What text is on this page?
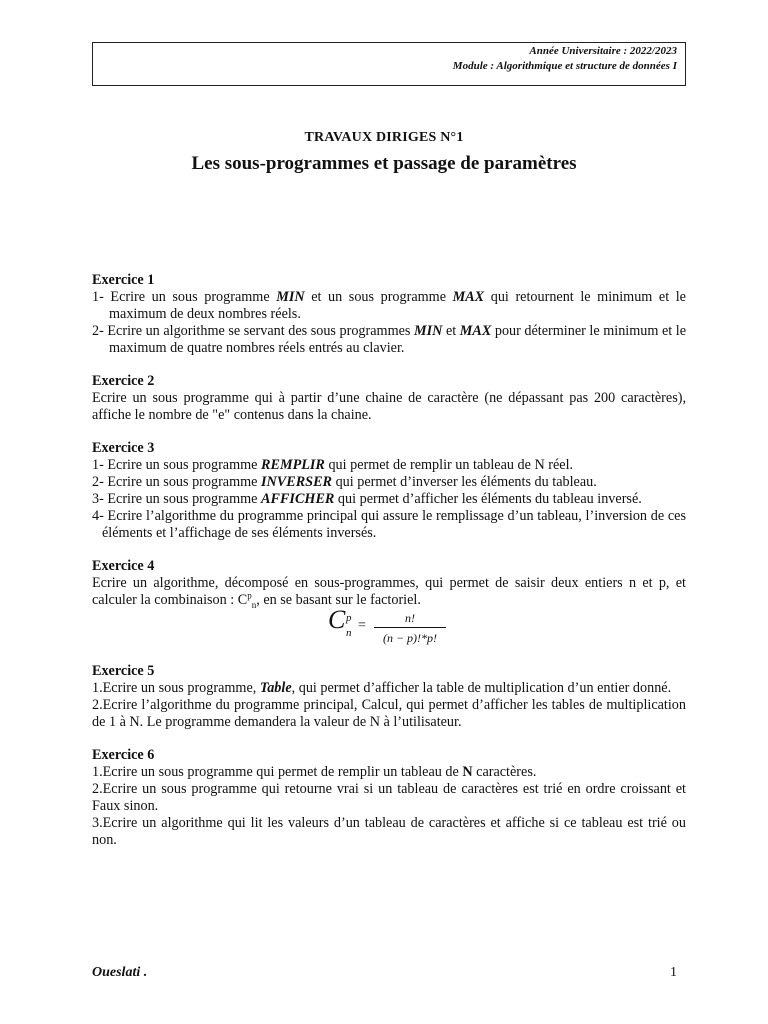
Année Universitaire : 2022/2023
Module : Algorithmique et structure de données I
TRAVAUX DIRIGES N°1
Les sous-programmes et passage de paramètres

Exercice 1

1- Ecrire un sous programme MIN et un sous programme MAX qui retournent le minimum et le maximum de deux nombres réels.

2- Ecrire un algorithme se servant des sous programmes MIN et MAX pour déterminer le minimum et le maximum de quatre nombres réels entrés au clavier.

Exercice 2

Ecrire un sous programme qui à partir d’une chaine de caractère (ne dépassant pas 200 caractères), affiche le nombre de "e" contenus dans la chaine.

Exercice 3

1- Ecrire un sous programme REMPLIR qui permet de remplir un tableau de N réel.

2- Ecrire un sous programme INVERSER qui permet d’inverser les éléments du tableau.

3- Ecrire un sous programme AFFICHER qui permet d’afficher les éléments du tableau inversé.

4- Ecrire l’algorithme du programme principal qui assure le remplissage d’un tableau, l’inversion de ces éléments et l’affichage de ses éléments inversés.

Exercice 4

Ecrire un algorithme, décomposé en sous-programmes, qui permet de saisir deux entiers n et p, et calculer la combinaison : $C^p_n$, en se basant sur le factoriel.

C p
n =	n!
(n − p)!*p!

Exercice 5

1.Ecrire un sous programme, Table, qui permet d’afficher la table de multiplication d’un entier donné.

2.Ecrire l’algorithme du programme principal, Calcul, qui permet d’afficher les tables de multiplication de 1 à N. Le programme demandera la valeur de N à l’utilisateur.

Exercice 6

1.Ecrire un sous programme qui permet de remplir un tableau de N caractères.

2.Ecrire un sous programme qui retourne vrai si un tableau de caractères est trié en ordre croissant et Faux sinon.

3.Ecrire un algorithme qui lit les valeurs d’un tableau de caractères et affiche si ce tableau est trié ou non.

Oueslati .	1
